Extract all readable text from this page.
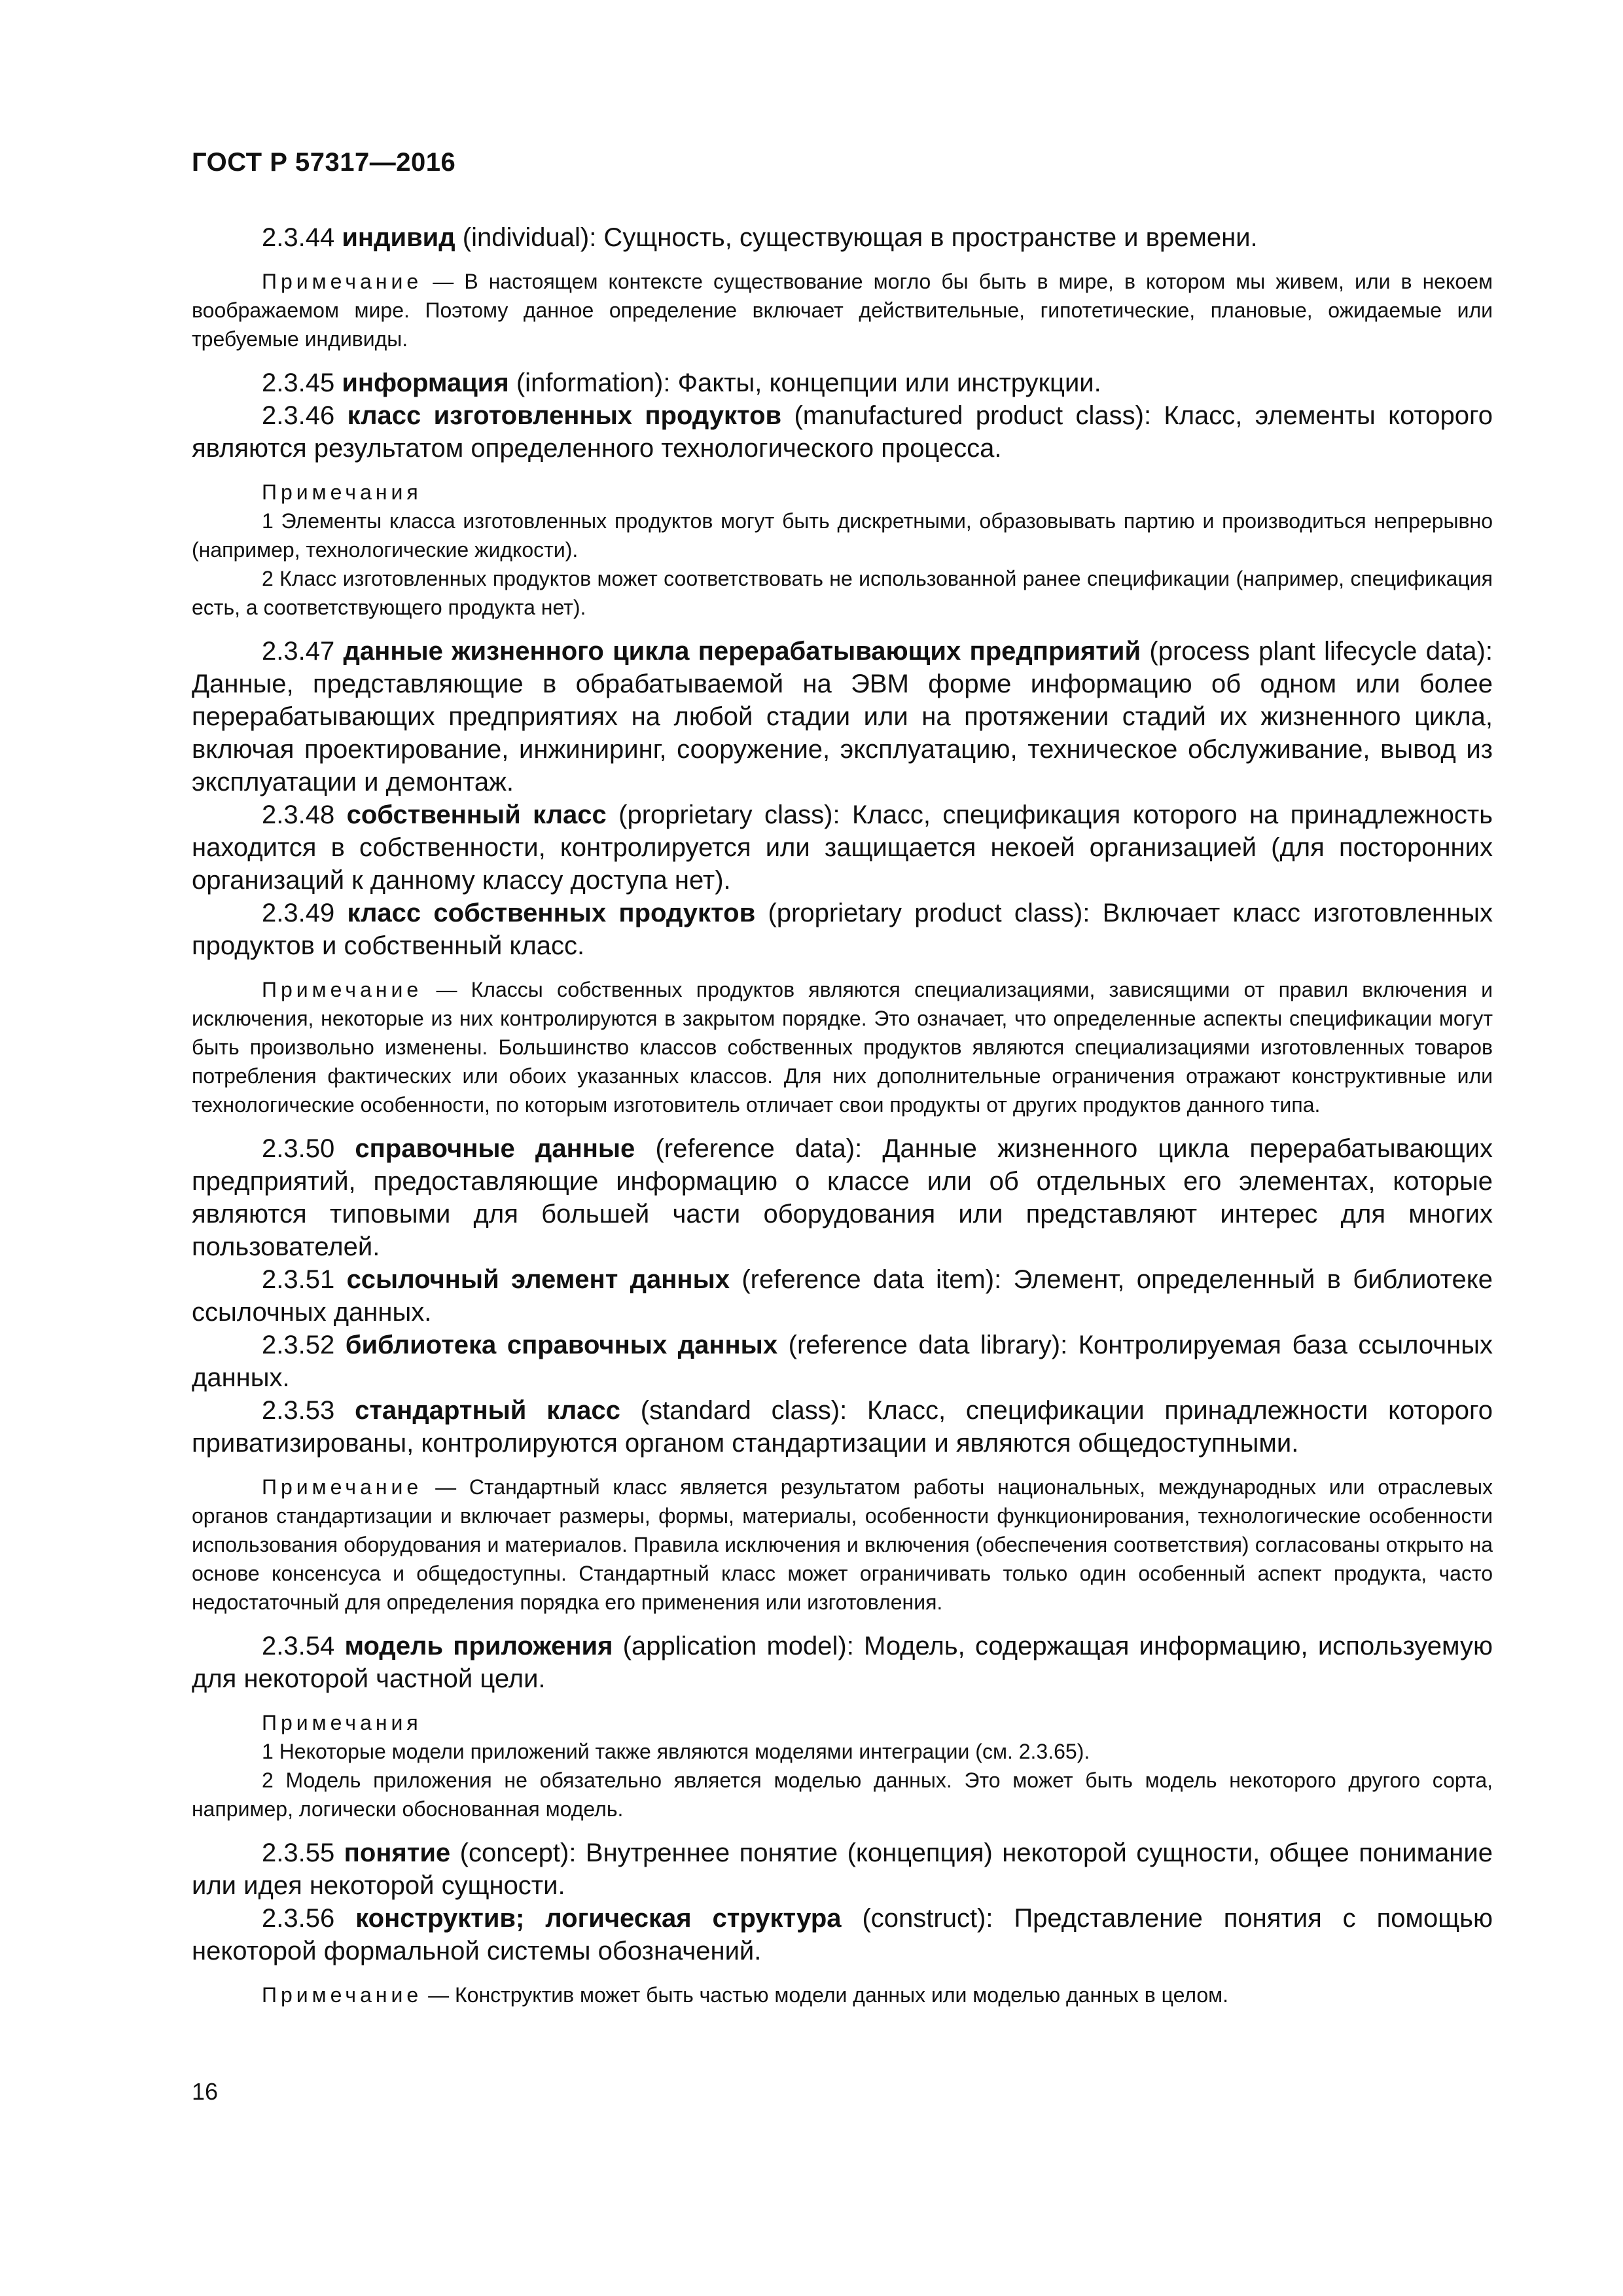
ГОСТ Р 57317—2016

2.3.44 индивид (individual): Сущность, существующая в пространстве и времени.

Примечание — В настоящем контексте существование могло бы быть в мире, в котором мы живем, или в некоем воображаемом мире. Поэтому данное определение включает действительные, гипотетические, плановые, ожидаемые или требуемые индивиды.

2.3.45 информация (information): Факты, концепции или инструкции.

2.3.46 класс изготовленных продуктов (manufactured product class): Класс, элементы которого являются результатом определенного технологического процесса.

Примечания

1 Элементы класса изготовленных продуктов могут быть дискретными, образовывать партию и производиться непрерывно (например, технологические жидкости).

2 Класс изготовленных продуктов может соответствовать не использованной ранее спецификации (например, спецификация есть, а соответствующего продукта нет).

2.3.47 данные жизненного цикла перерабатывающих предприятий (process plant lifecycle data): Данные, представляющие в обрабатываемой на ЭВМ форме информацию об одном или более перерабатывающих предприятиях на любой стадии или на протяжении стадий их жизненного цикла, включая проектирование, инжиниринг, сооружение, эксплуатацию, техническое обслуживание, вывод из эксплуатации и демонтаж.

2.3.48 собственный класс (proprietary class): Класс, спецификация которого на принадлежность находится в собственности, контролируется или защищается некоей организацией (для посторонних организаций к данному классу доступа нет).

2.3.49 класс собственных продуктов (proprietary product class): Включает класс изготовленных продуктов и собственный класс.

Примечание — Классы собственных продуктов являются специализациями, зависящими от правил включения и исключения, некоторые из них контролируются в закрытом порядке. Это означает, что определенные аспекты спецификации могут быть произвольно изменены. Большинство классов собственных продуктов являются специализациями изготовленных товаров потребления фактических или обоих указанных классов. Для них дополнительные ограничения отражают конструктивные или технологические особенности, по которым изготовитель отличает свои продукты от других продуктов данного типа.

2.3.50 справочные данные (reference data): Данные жизненного цикла перерабатывающих предприятий, предоставляющие информацию о классе или об отдельных его элементах, которые являются типовыми для большей части оборудования или представляют интерес для многих пользователей.

2.3.51 ссылочный элемент данных (reference data item): Элемент, определенный в библиотеке ссылочных данных.

2.3.52 библиотека справочных данных (reference data library): Контролируемая база ссылочных данных.

2.3.53 стандартный класс (standard class): Класс, спецификации принадлежности которого приватизированы, контролируются органом стандартизации и являются общедоступными.

Примечание — Стандартный класс является результатом работы национальных, международных или отраслевых органов стандартизации и включает размеры, формы, материалы, особенности функционирования, технологические особенности использования оборудования и материалов. Правила исключения и включения (обеспечения соответствия) согласованы открыто на основе консенсуса и общедоступны. Стандартный класс может ограничивать только один особенный аспект продукта, часто недостаточный для определения порядка его применения или изготовления.

2.3.54 модель приложения (application model): Модель, содержащая информацию, используемую для некоторой частной цели.

Примечания

1 Некоторые модели приложений также являются моделями интеграции (см. 2.3.65).

2 Модель приложения не обязательно является моделью данных. Это может быть модель некоторого другого сорта, например, логически обоснованная модель.

2.3.55 понятие (concept): Внутреннее понятие (концепция) некоторой сущности, общее понимание или идея некоторой сущности.

2.3.56 конструктив; логическая структура (construct): Представление понятия с помощью некоторой формальной системы обозначений.

Примечание — Конструктив может быть частью модели данных или моделью данных в целом.

16
